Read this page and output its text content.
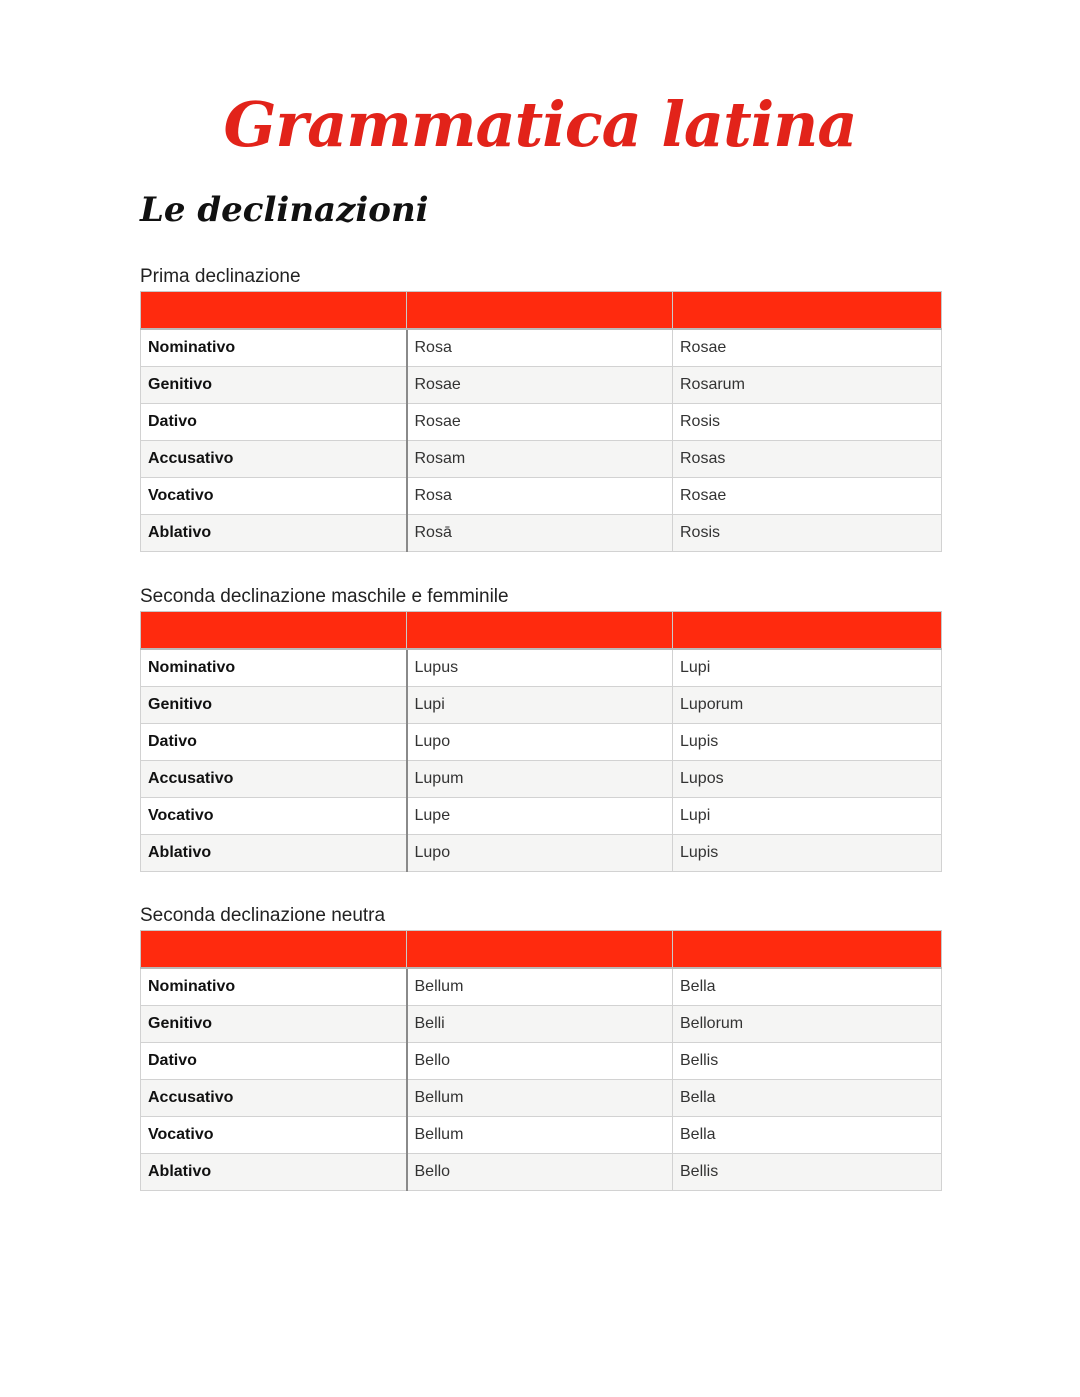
Grammatica latina
Le declinazioni
Prima declinazione

Nominativo	Rosa	Rosae
Genitivo	Rosae	Rosarum
Dativo	Rosae	Rosis
Accusativo	Rosam	Rosas
Vocativo	Rosa	Rosae
Ablativo	Rosā	Rosis
Seconda declinazione maschile e femminile

Nominativo	Lupus	Lupi
Genitivo	Lupi	Luporum
Dativo	Lupo	Lupis
Accusativo	Lupum	Lupos
Vocativo	Lupe	Lupi
Ablativo	Lupo	Lupis
Seconda declinazione neutra

Nominativo	Bellum	Bella
Genitivo	Belli	Bellorum
Dativo	Bello	Bellis
Accusativo	Bellum	Bella
Vocativo	Bellum	Bella
Ablativo	Bello	Bellis
